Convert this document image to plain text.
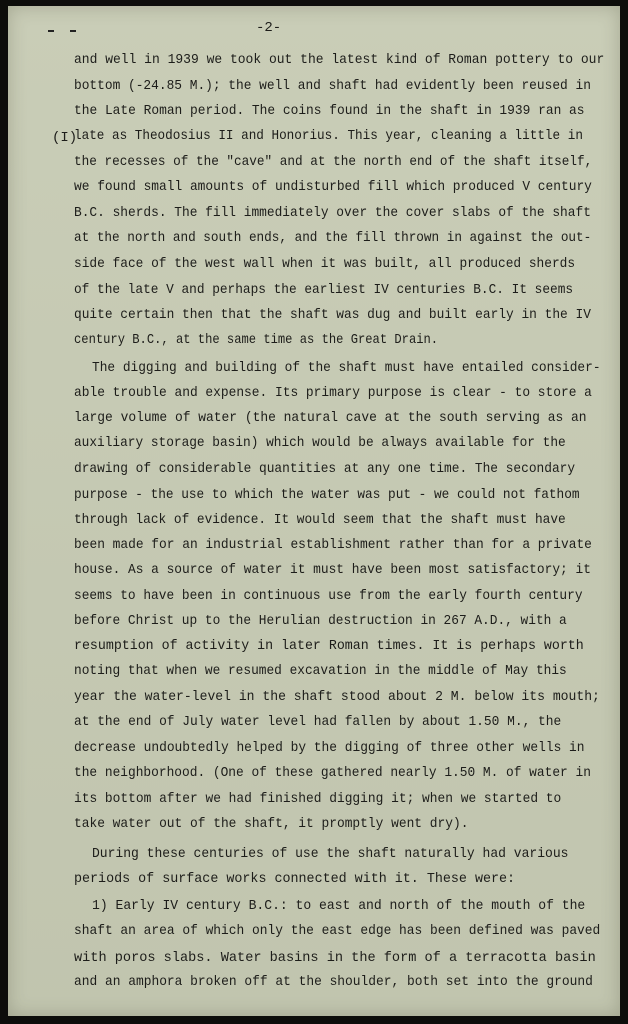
-2-
(I)
and well in 1939 we took out the latest kind of Roman pottery to our
bottom (-24.85 M.); the well and shaft had evidently been reused in
the Late Roman period. The coins found in the shaft in 1939 ran as
late as Theodosius II and Honorius. This year, cleaning a little in
the recesses of the "cave" and at the north end of the shaft itself,
we found small amounts of undisturbed fill which produced V century
B.C. sherds. The fill immediately over the cover slabs of the shaft
at the north and south ends, and the fill thrown in against the out-
side face of the west wall when it was built, all produced sherds
of the late V and perhaps the earliest IV centuries B.C. It seems
quite certain then that the shaft was dug and built early in the IV
century B.C., at the same time as the Great Drain.
The digging and building of the shaft must have entailed consider-
able trouble and expense. Its primary purpose is clear - to store a
large volume of water (the natural cave at the south serving as an
auxiliary storage basin) which would be always available for the
drawing of considerable quantities at any one time. The secondary
purpose - the use to which the water was put - we could not fathom
through lack of evidence. It would seem that the shaft must have
been made for an industrial establishment rather than for a private
house. As a source of water it must have been most satisfactory; it
seems to have been in continuous use from the early fourth century
before Christ up to the Herulian destruction in 267 A.D., with a
resumption of activity in later Roman times. It is perhaps worth
noting that when we resumed excavation in the middle of May this
year the water-level in the shaft stood about 2 M. below its mouth;
at the end of July water level had fallen by about 1.50 M., the
decrease undoubtedly helped by the digging of three other wells in
the neighborhood. (One of these gathered nearly 1.50 M. of water in
its bottom after we had finished digging it; when we started to
take water out of the shaft, it promptly went dry).
During these centuries of use the shaft naturally had various
periods of surface works connected with it. These were:
1) Early IV century B.C.: to east and north of the mouth of the
shaft an area of which only the east edge has been defined was paved
with poros slabs. Water basins in the form of a terracotta basin
and an amphora broken off at the shoulder, both set into the ground
